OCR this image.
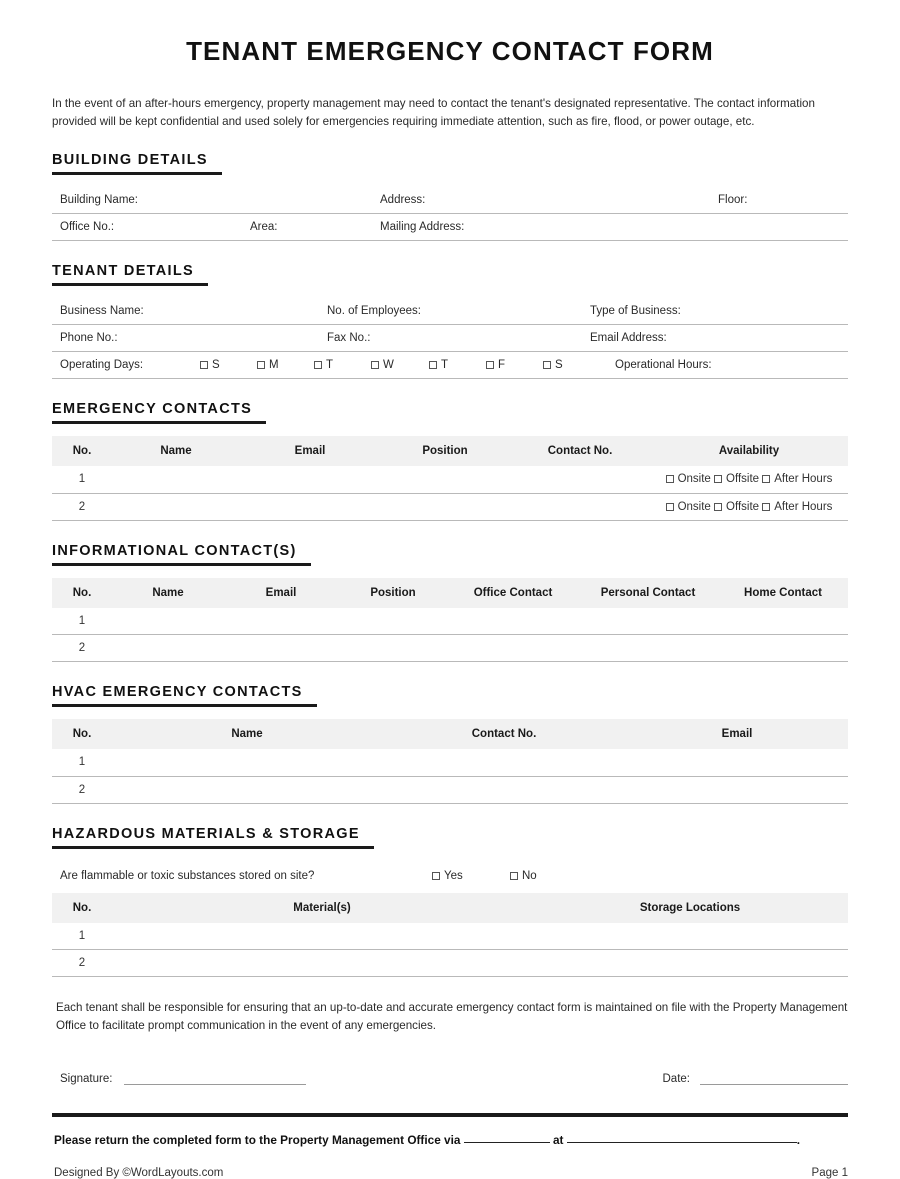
TENANT EMERGENCY CONTACT FORM
In the event of an after-hours emergency, property management may need to contact the tenant's designated representative. The contact information provided will be kept confidential and used solely for emergencies requiring immediate attention, such as fire, flood, or power outage, etc.
BUILDING DETAILS
Building Name:	Address:	Floor:
Office No.:	Area:	Mailing Address:
TENANT DETAILS
Business Name:	No. of Employees:	Type of Business:
Phone No.:	Fax No.:	Email Address:
Operating Days:	S	M	T	W	T	F	S	Operational Hours:
EMERGENCY CONTACTS
No.	Name	Email	Position	Contact No.	Availability
1					Onsite Offsite After Hours
2					Onsite Offsite After Hours
INFORMATIONAL CONTACT(S)
No.	Name	Email	Position	Office Contact	Personal Contact	Home Contact
1						
2						
HVAC EMERGENCY CONTACTS
No.	Name	Contact No.	Email
1			
2			
HAZARDOUS MATERIALS & STORAGE
Are flammable or toxic substances stored on site?	Yes	No
No.	Material(s)	Storage Locations
1		
2		
Each tenant shall be responsible for ensuring that an up-to-date and accurate emergency contact form is maintained on file with the Property Management Office to facilitate prompt communication in the event of any emergencies.
Signature:	Date:
Please return the completed form to the Property Management Office via	at	.
Designed By ©WordLayouts.com	Page 1
